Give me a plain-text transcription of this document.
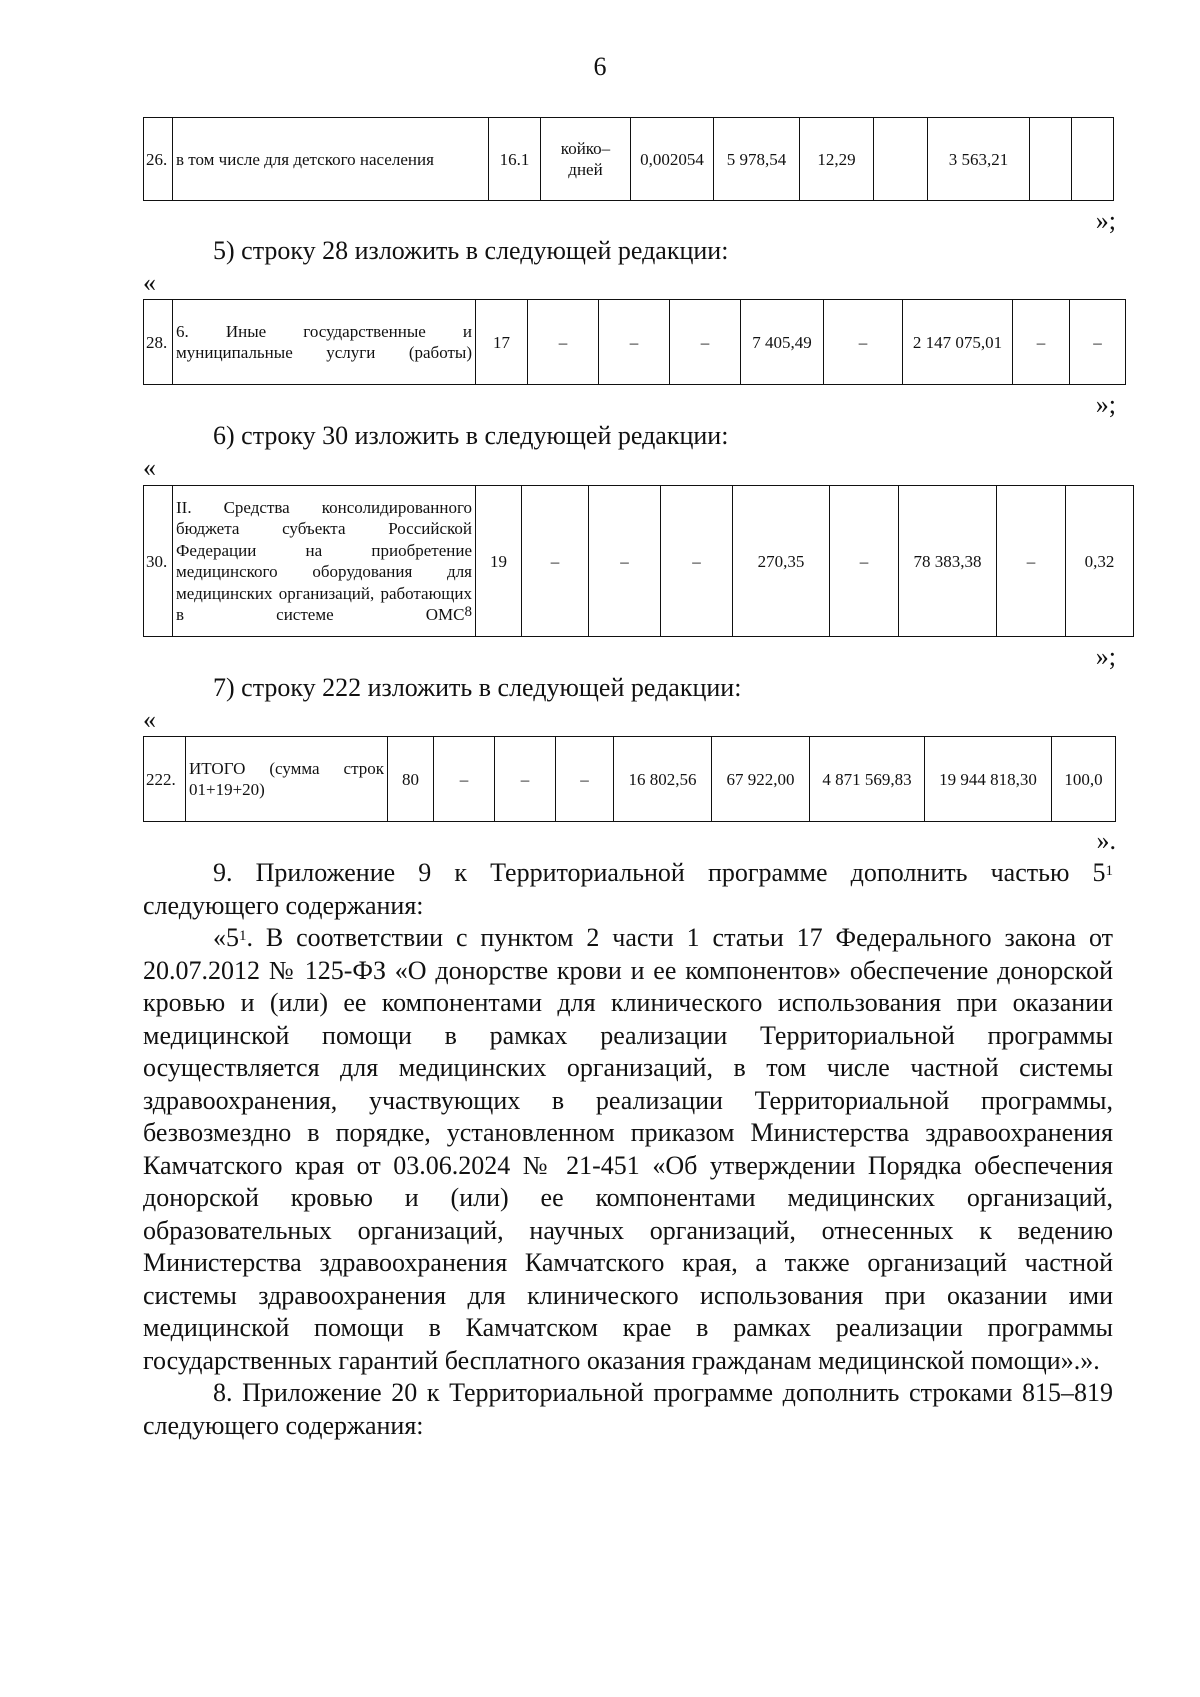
6
26.	в том числе для детского населения	16.1	койко–дней	0,002054	5 978,54	12,29		3 563,21		
»;
5) строку 28 изложить в следующей редакции:
«
28.	6. Иные государственные и муниципальные услуги (работы)	17	–	–	–	7 405,49	–	2 147 075,01	–	–
»;
6) строку 30 изложить в следующей редакции:
«
30.	II. Средства консолидированного бюджета субъекта Российской Федерации на приобретение медицинского оборудования для медицинских организаций, работающих в системе ОМС$^8$	19	–	–	–	270,35	–	78 383,38	–	0,32
»;
7) строку 222 изложить в следующей редакции:
«
222.	ИТОГО (сумма строк 01+19+20)	80	–	–	–	16 802,56	67 922,00	4 871 569,83	19 944 818,30	100,0
».

9. Приложение 9 к Территориальной программе дополнить частью $5^1$ следующего содержания:

«$5^1$. В соответствии с пунктом 2 части 1 статьи 17 Федерального закона от 20.07.2012 № 125-ФЗ «О донорстве крови и ее компонентов» обеспечение донорской кровью и (или) ее компонентами для клинического использования при оказании медицинской помощи в рамках реализации Территориальной программы осуществляется для медицинских организаций, в том числе частной системы здравоохранения, участвующих в реализации Территориальной программы, безвозмездно в порядке, установленном приказом Министерства здравоохранения Камчатского края от 03.06.2024 № 21-451 «Об утверждении Порядка обеспечения донорской кровью и (или) ее компонентами медицинских организаций, образовательных организаций, научных организаций, отнесенных к ведению Министерства здравоохранения Камчатского края, а также организаций частной системы здравоохранения для клинического использования при оказании ими медицинской помощи в Камчатском крае в рамках реализации программы государственных гарантий бесплатного оказания гражданам медицинской помощи».».

8. Приложение 20 к Территориальной программе дополнить строками 815–819 следующего содержания:
